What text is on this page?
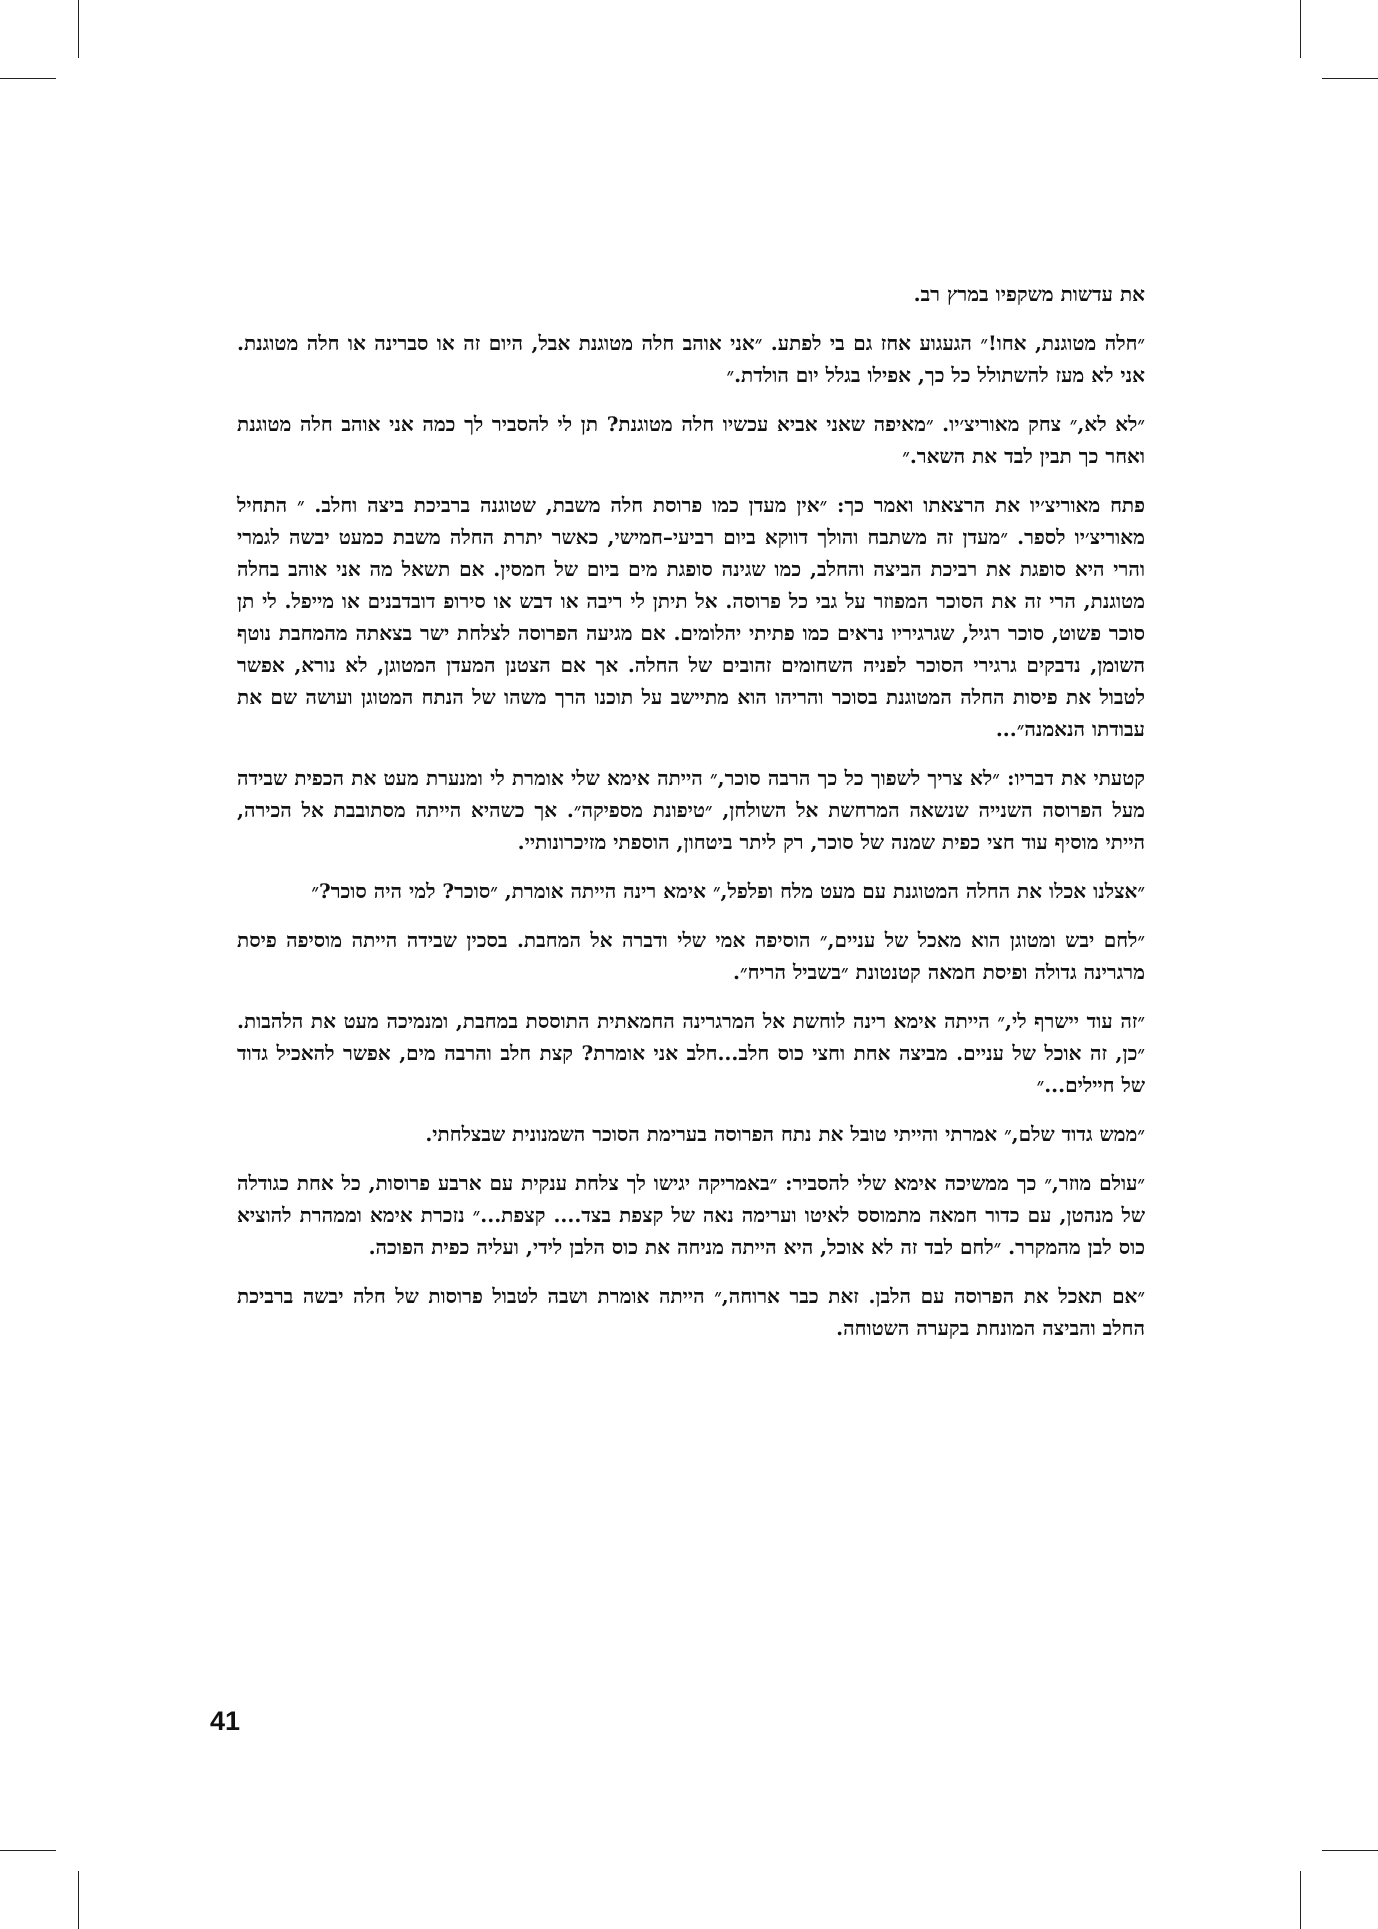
את עדשות משקפיו במרץ רב.

״חלה מטוגנת, אחו!״ הגעגוע אחז גם בי לפתע. ״אני אוהב חלה מטוגנת אבל, היום זה או סברינה או חלה מטוגנת. אני לא מעז להשתולל כל כך, אפילו בגלל יום הולדת.״

״לא לא,״ צחק מאוריצ׳יו. ״מאיפה שאני אביא עכשיו חלה מטוגנת? תן לי להסביר לך כמה אני אוהב חלה מטוגנת ואחר כך תבין לבד את השאר.״

פתח מאוריצ׳יו את הרצאתו ואמר כך: ״אין מעדן כמו פרוסת חלה משבת, שטוגנה ברביכת ביצה וחלב. ״ התחיל מאוריצ׳יו לספר. ״מעדן זה משתבח והולך דווקא ביום רביעי–חמישי, כאשר יתרת החלה משבת כמעט יבשה לגמרי והרי היא סופגת את רביכת הביצה והחלב, כמו שגינה סופגת מים ביום של חמסין. אם תשאל מה אני אוהב בחלה מטוגנת, הרי זה את הסוכר המפוזר על גבי כל פרוסה. אל תיתן לי ריבה או דבש או סירופ דובדבנים או מייפל. לי תן סוכר פשוט, סוכר רגיל, שגרגיריו נראים כמו פתיתי יהלומים. אם מגיעה הפרוסה לצלחת ישר בצאתה מהמחבת נוטף השומן, נדבקים גרגירי הסוכר לפניה השחומים זהובים של החלה. אך אם הצטנן המעדן המטוגן, לא נורא, אפשר לטבול את פיסות החלה המטוגנת בסוכר והריהו הוא מתיישב על תוכנו הרך משהו של הנתח המטוגן ועושה שם את עבודתו הנאמנה״...

קטעתי את דבריו: ״לא צריך לשפוך כל כך הרבה סוכר,״ הייתה אימא שלי אומרת לי ומנערת מעט את הכפית שבידה מעל הפרוסה השנייה שנשאה המרחשת אל השולחן, ״טיפונת מספיקה״. אך כשהיא הייתה מסתובבת אל הכירה, הייתי מוסיף עוד חצי כפית שמנה של סוכר, רק ליתר ביטחון, הוספתי מזיכרונותיי.

״אצלנו אכלו את החלה המטוגנת עם מעט מלח ופלפל,״ אימא רינה הייתה אומרת, ״סוכר? למי היה סוכר?״

״לחם יבש ומטוגן הוא מאכל של עניים,״ הוסיפה אמי שלי ודברה אל המחבת. בסכין שבידה הייתה מוסיפה פיסת מרגרינה גדולה ופיסת חמאה קטנטונת ״בשביל הריח״.

״זה עוד יישרף לי,״ הייתה אימא רינה לוחשת אל המרגרינה החמאתית התוססת במחבת, ומנמיכה מעט את הלהבות. ״כן, זה אוכל של עניים. מביצה אחת וחצי כוס חלב...חלב אני אומרת? קצת חלב והרבה מים, אפשר להאכיל גדוד של חיילים...״

״ממש גדוד שלם,״ אמרתי והייתי טובל את נתח הפרוסה בערימת הסוכר השמנונית שבצלחתי.

״עולם מוזר,״ כך ממשיכה אימא שלי להסביר: ״באמריקה יגישו לך צלחת ענקית עם ארבע פרוסות, כל אחת כגודלה של מנהטן, עם כדור חמאה מתמוסס לאיטו וערימה נאה של קצפת בצד.... קצפת...״ נזכרת אימא וממהרת להוציא כוס לבן מהמקרר. ״לחם לבד זה לא אוכל, היא הייתה מניחה את כוס הלבן לידי, ועליה כפית הפוכה.

״אם תאכל את הפרוסה עם הלבן. זאת כבר ארוחה,״ הייתה אומרת ושבה לטבול פרוסות של חלה יבשה ברביכת החלב והביצה המונחת בקערה השטוחה.

41
